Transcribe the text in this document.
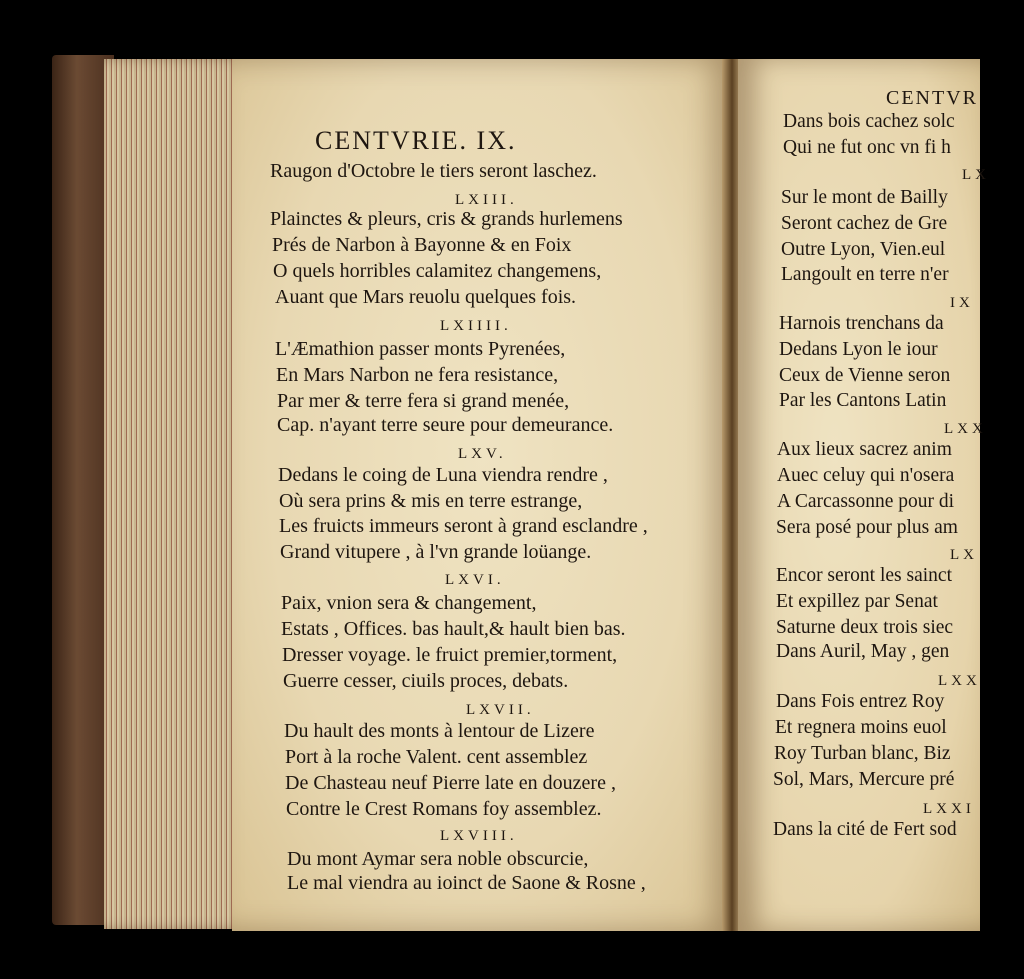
CENTVRIE. IX.
Raugon d'Octobre le tiers seront laschez.
LXIII.
Plainctes & pleurs, cris & grands hurlemens
Prés de Narbon à Bayonne & en Foix
O quels horribles calamitez changemens,
Auant que Mars reuolu quelques fois.
LXIIII.
L'Æmathion passer monts Pyrenées,
En Mars Narbon ne fera resistance,
Par mer & terre fera si grand menée,
Cap. n'ayant terre seure pour demeurance.
LXV.
Dedans le coing de Luna viendra rendre ,
Où sera prins & mis en terre estrange,
Les fruicts immeurs seront à grand esclandre ,
Grand vitupere , à l'vn grande loüange.
LXVI.
Paix, vnion sera & changement,
Estats , Offices. bas hault,& hault bien bas.
Dresser voyage. le fruict premier,torment,
Guerre cesser, ciuils proces, debats.
LXVII.
Du hault des monts à lentour de Lizere
Port à la roche Valent. cent assemblez
De Chasteau neuf Pierre late en douzere ,
Contre le Crest Romans foy assemblez.
LXVIII.
Du mont Aymar sera noble obscurcie,
Le mal viendra au ioinct de Saone & Rosne ,
CENTVR
Dans bois cachez solc
Qui ne fut onc vn fi h
LX
Sur le mont de Bailly
Seront cachez de Gre
Outre Lyon, Vien.eul
Langoult en terre n'er
IX
Harnois trenchans da
Dedans Lyon le iour
Ceux de Vienne seron
Par les Cantons Latin
LXX
Aux lieux sacrez anim
Auec celuy qui n'osera
A Carcassonne pour di
Sera posé pour plus am
LX
Encor seront les sainct
Et expillez par Senat
Saturne deux trois siec
Dans Auril, May , gen
LXX
Dans Fois entrez Roy
Et regnera moins euol
Roy Turban blanc, Biz
Sol, Mars, Mercure pré
LXXI
Dans la cité de Fert sod
